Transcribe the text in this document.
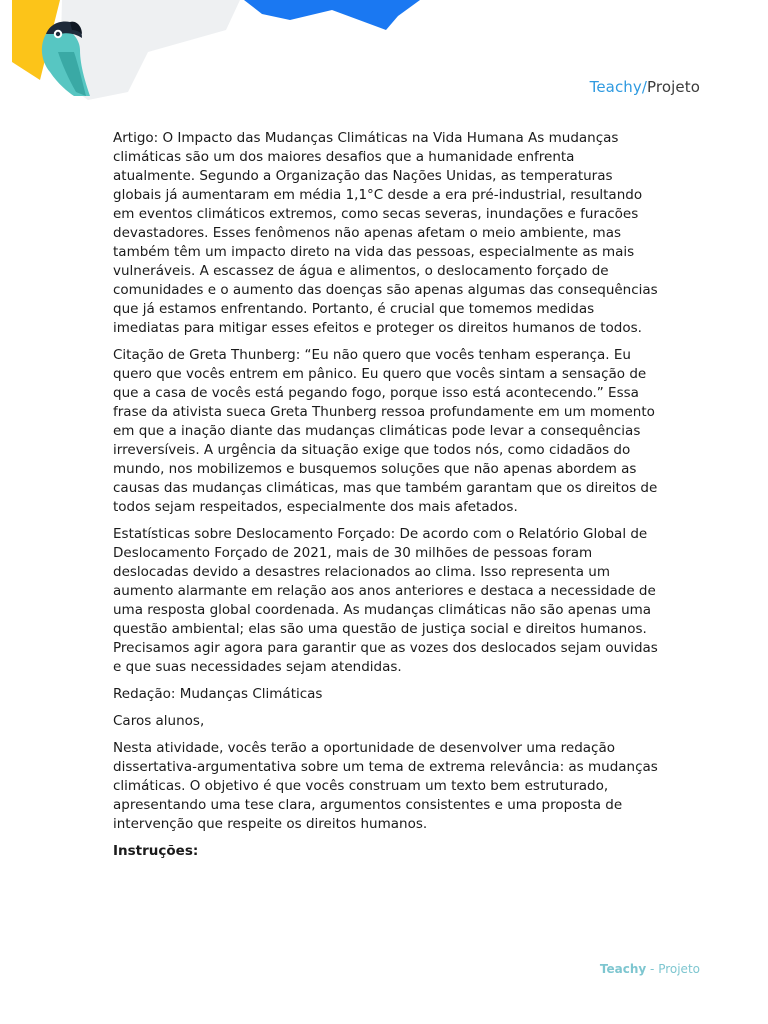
Teachy/Projeto

Artigo: O Impacto das Mudanças Climáticas na Vida Humana As mudanças climáticas são um dos maiores desafios que a humanidade enfrenta atualmente. Segundo a Organização das Nações Unidas, as temperaturas globais já aumentaram em média 1,1°C desde a era pré-industrial, resultando em eventos climáticos extremos, como secas severas, inundações e furacões devastadores. Esses fenômenos não apenas afetam o meio ambiente, mas também têm um impacto direto na vida das pessoas, especialmente as mais vulneráveis. A escassez de água e alimentos, o deslocamento forçado de comunidades e o aumento das doenças são apenas algumas das consequências que já estamos enfrentando. Portanto, é crucial que tomemos medidas imediatas para mitigar esses efeitos e proteger os direitos humanos de todos.

Citação de Greta Thunberg: “Eu não quero que vocês tenham esperança. Eu quero que vocês entrem em pânico. Eu quero que vocês sintam a sensação de que a casa de vocês está pegando fogo, porque isso está acontecendo.” Essa frase da ativista sueca Greta Thunberg ressoa profundamente em um momento em que a inação diante das mudanças climáticas pode levar a consequências irreversíveis. A urgência da situação exige que todos nós, como cidadãos do mundo, nos mobilizemos e busquemos soluções que não apenas abordem as causas das mudanças climáticas, mas que também garantam que os direitos de todos sejam respeitados, especialmente dos mais afetados.

Estatísticas sobre Deslocamento Forçado: De acordo com o Relatório Global de Deslocamento Forçado de 2021, mais de 30 milhões de pessoas foram deslocadas devido a desastres relacionados ao clima. Isso representa um aumento alarmante em relação aos anos anteriores e destaca a necessidade de uma resposta global coordenada. As mudanças climáticas não são apenas uma questão ambiental; elas são uma questão de justiça social e direitos humanos. Precisamos agir agora para garantir que as vozes dos deslocados sejam ouvidas e que suas necessidades sejam atendidas.

Redação: Mudanças Climáticas

Caros alunos,

Nesta atividade, vocês terão a oportunidade de desenvolver uma redação dissertativa-argumentativa sobre um tema de extrema relevância: as mudanças climáticas. O objetivo é que vocês construam um texto bem estruturado, apresentando uma tese clara, argumentos consistentes e uma proposta de intervenção que respeite os direitos humanos.

Instruções:

Teachy - Projeto
